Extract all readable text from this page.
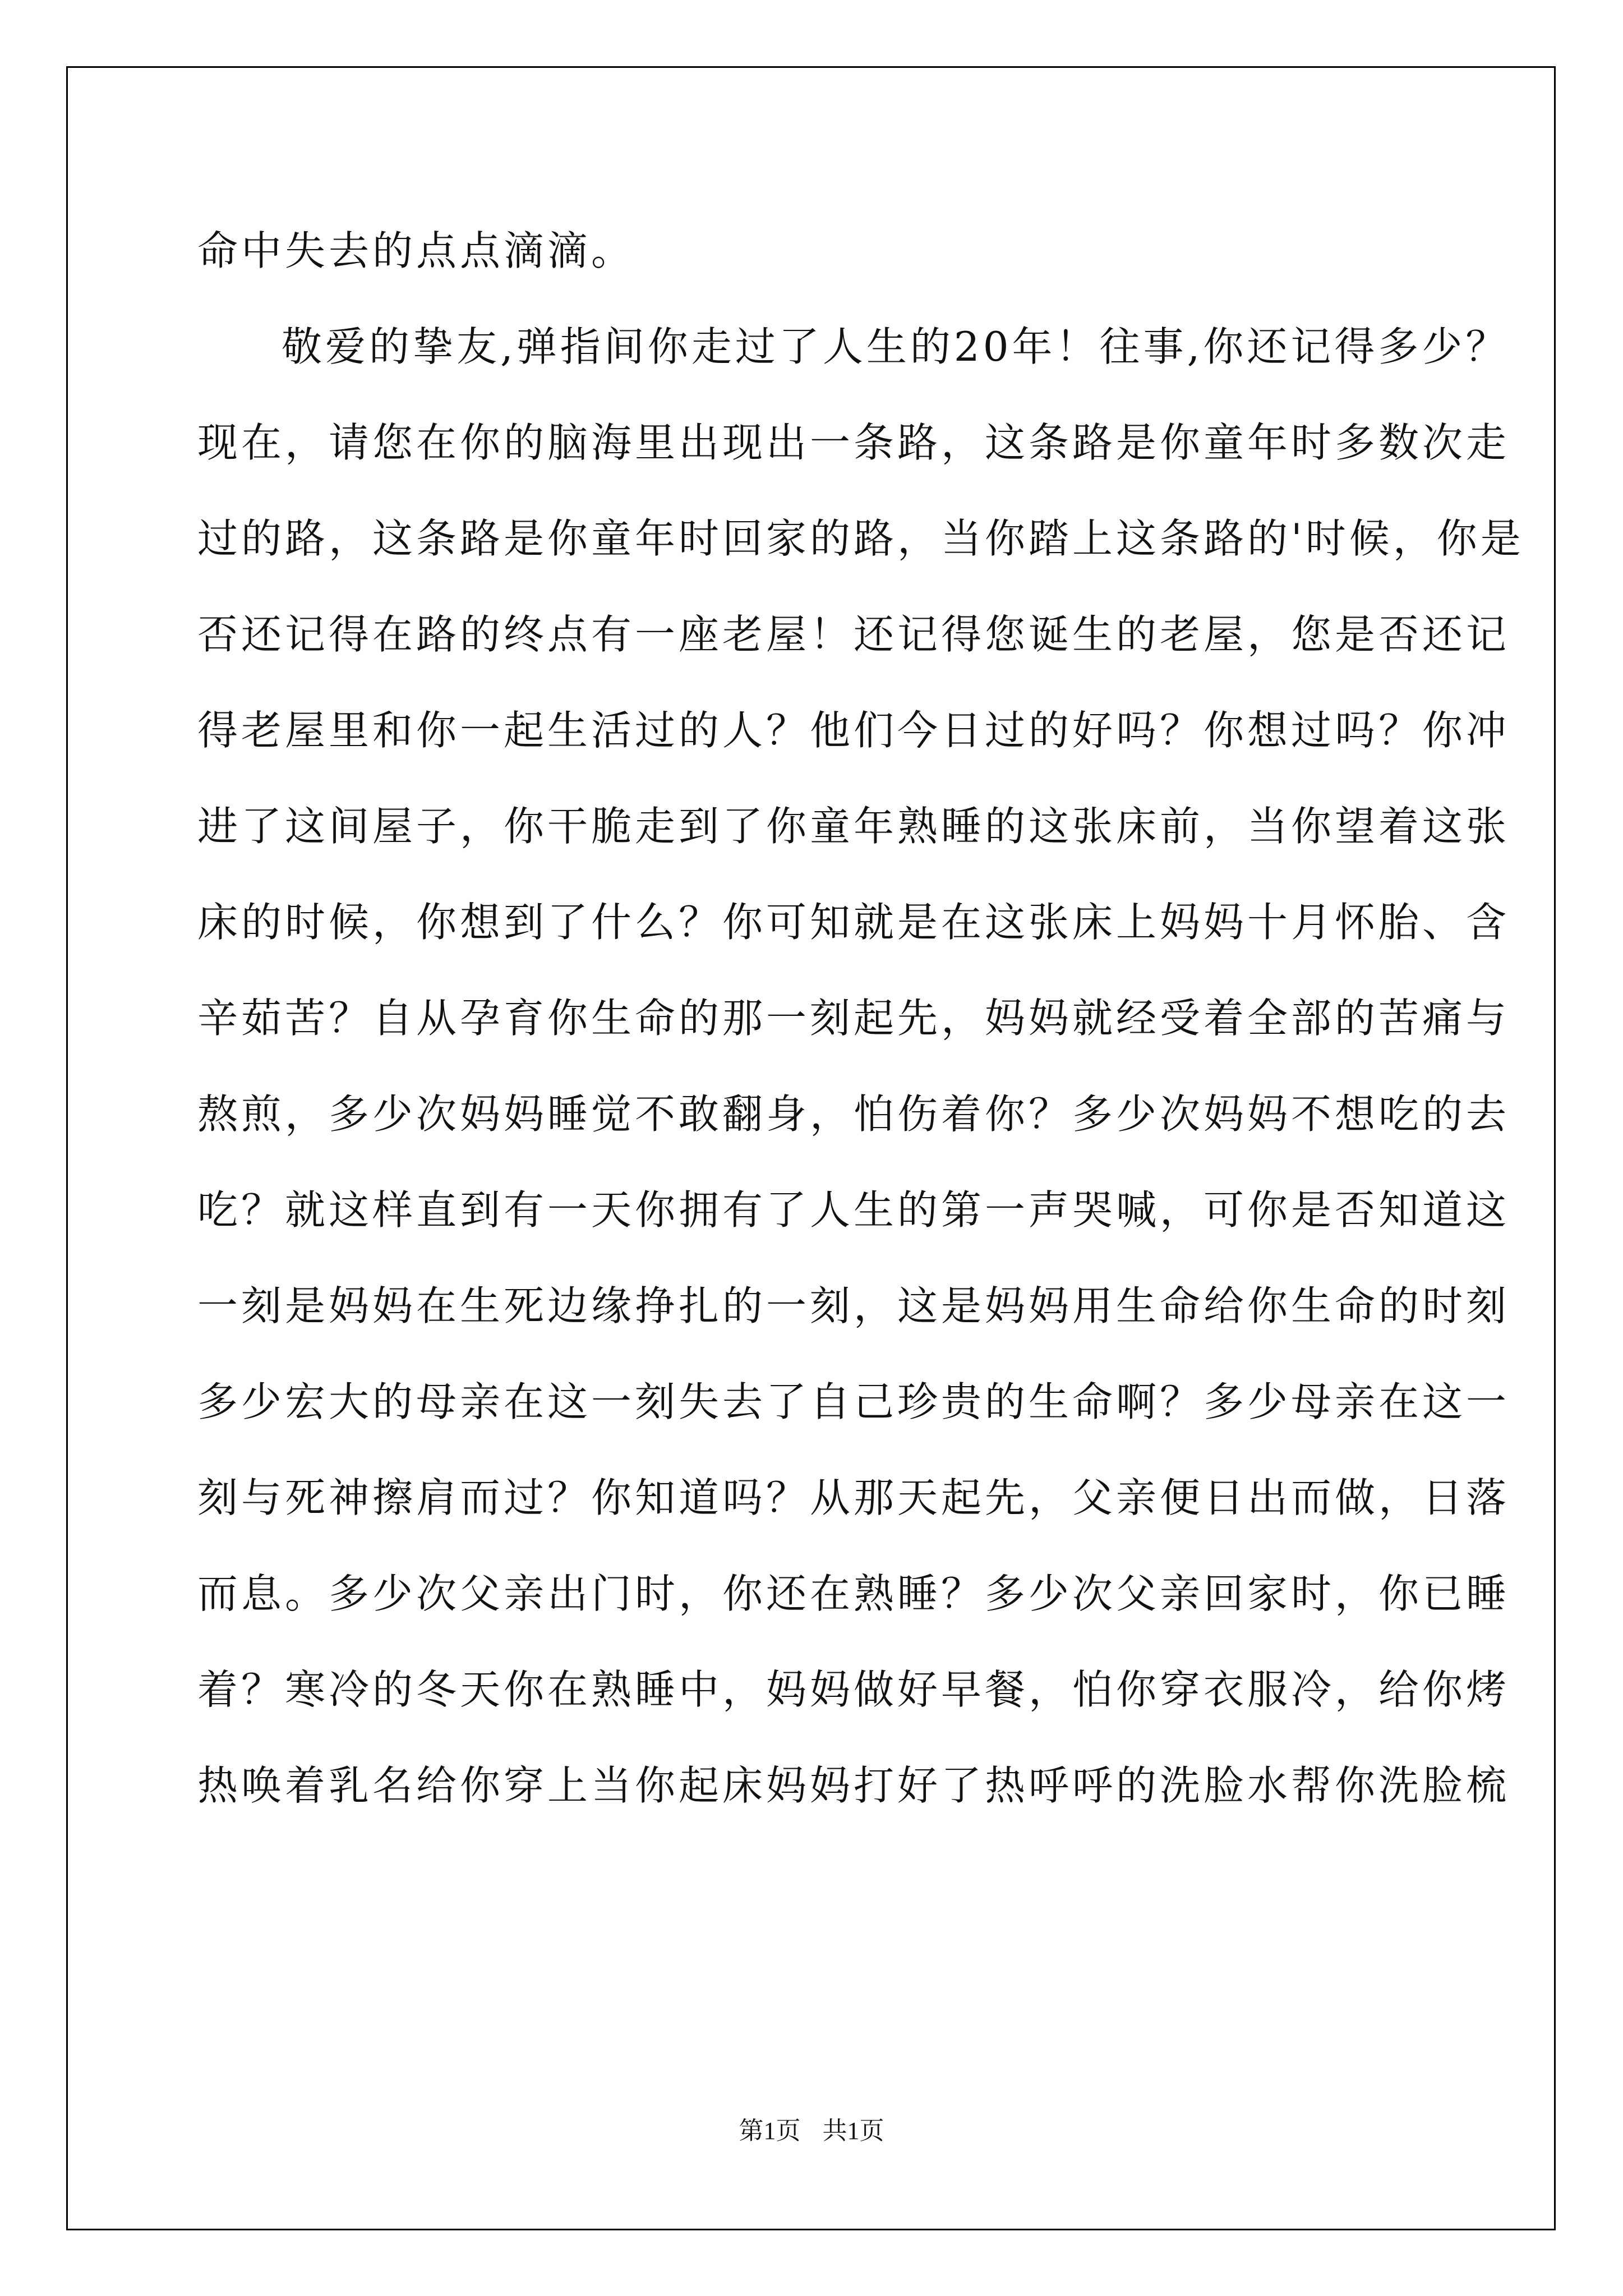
命中失去的点点滴滴。
敬爱的挚友,弹指间你走过了人生的20年！往事,你还记得多少？
现在，请您在你的脑海里出现出一条路，这条路是你童年时多数次走
过的路，这条路是你童年时回家的路，当你踏上这条路的'时候，你是
否还记得在路的终点有一座老屋！还记得您诞生的老屋，您是否还记
得老屋里和你一起生活过的人？他们今日过的好吗？你想过吗？你冲
进了这间屋子，你干脆走到了你童年熟睡的这张床前，当你望着这张
床的时候，你想到了什么？你可知就是在这张床上妈妈十月怀胎、含
辛茹苦？自从孕育你生命的那一刻起先，妈妈就经受着全部的苦痛与
熬煎，多少次妈妈睡觉不敢翻身，怕伤着你？多少次妈妈不想吃的去
吃？就这样直到有一天你拥有了人生的第一声哭喊，可你是否知道这
一刻是妈妈在生死边缘挣扎的一刻，这是妈妈用生命给你生命的时刻
多少宏大的母亲在这一刻失去了自己珍贵的生命啊？多少母亲在这一
刻与死神擦肩而过？你知道吗？从那天起先，父亲便日出而做，日落
而息。多少次父亲出门时，你还在熟睡？多少次父亲回家时，你已睡
着？寒冷的冬天你在熟睡中，妈妈做好早餐，怕你穿衣服冷，给你烤
热唤着乳名给你穿上当你起床妈妈打好了热呼呼的洗脸水帮你洗脸梳
第1页 共1页
